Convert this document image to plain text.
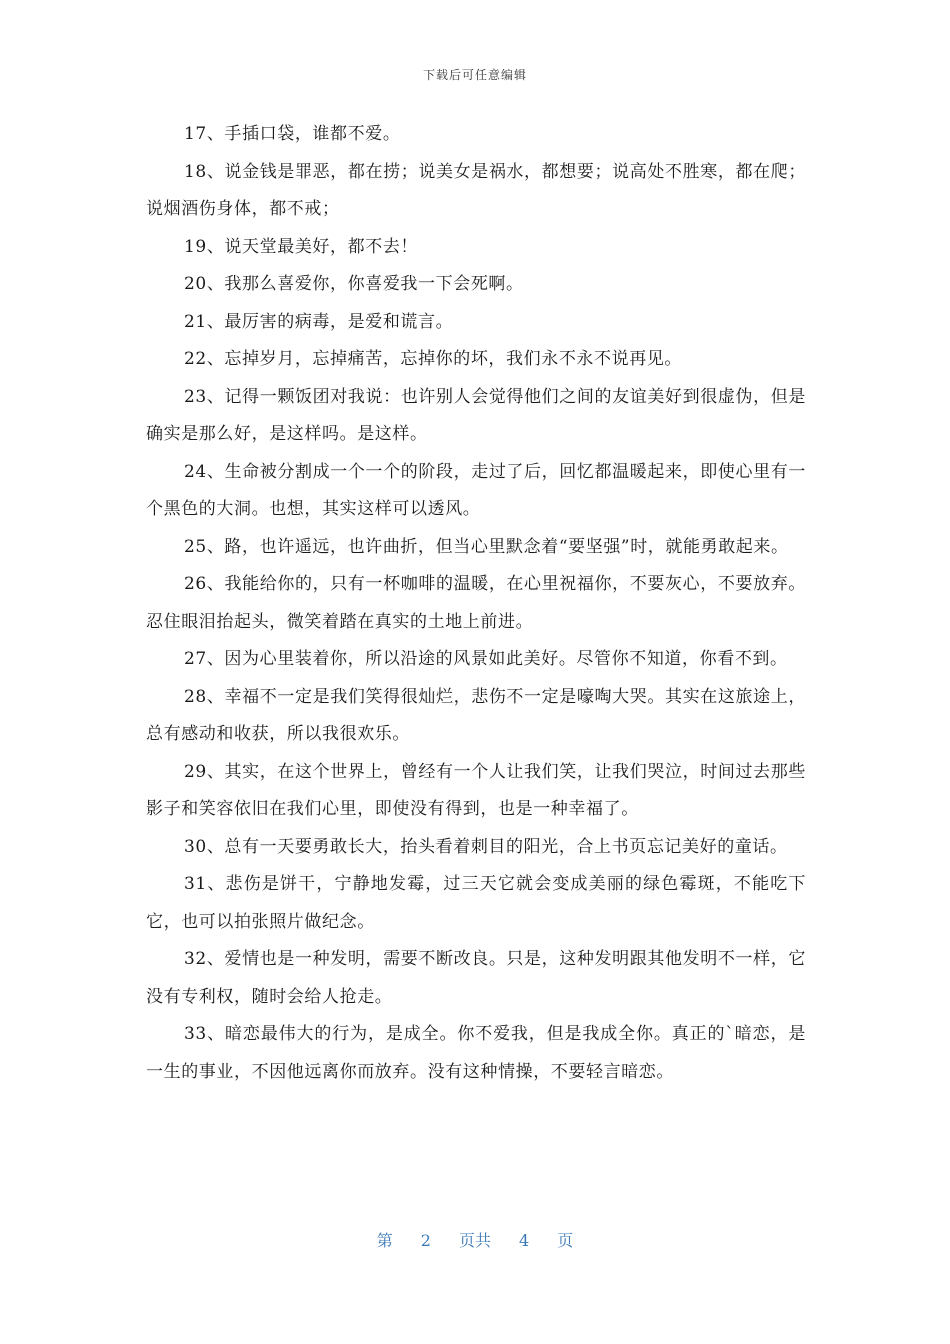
下载后可任意编辑

17、手插口袋，谁都不爱。

18、说金钱是罪恶，都在捞；说美女是祸水，都想要；说高处不胜寒，都在爬；说烟酒伤身体，都不戒；

19、说天堂最美好，都不去！

20、我那么喜爱你，你喜爱我一下会死啊。

21、最厉害的病毒，是爱和谎言。

22、忘掉岁月，忘掉痛苦，忘掉你的坏，我们永不永不说再见。

23、记得一颗饭团对我说：也许别人会觉得他们之间的友谊美好到很虚伪，但是确实是那么好，是这样吗。是这样。

24、生命被分割成一个一个的阶段，走过了后，回忆都温暖起来，即使心里有一个黑色的大洞。也想，其实这样可以透风。

25、路，也许遥远，也许曲折，但当心里默念着“要坚强”时，就能勇敢起来。

26、我能给你的，只有一杯咖啡的温暖，在心里祝福你，不要灰心，不要放弃。忍住眼泪抬起头，微笑着踏在真实的土地上前进。

27、因为心里装着你，所以沿途的风景如此美好。尽管你不知道，你看不到。

28、幸福不一定是我们笑得很灿烂，悲伤不一定是嚎啕大哭。其实在这旅途上，总有感动和收获，所以我很欢乐。

29、其实，在这个世界上，曾经有一个人让我们笑，让我们哭泣，时间过去那些影子和笑容依旧在我们心里，即使没有得到，也是一种幸福了。

30、总有一天要勇敢长大，抬头看着刺目的阳光，合上书页忘记美好的童话。

31、悲伤是饼干，宁静地发霉，过三天它就会变成美丽的绿色霉斑，不能吃下它，也可以拍张照片做纪念。

32、爱情也是一种发明，需要不断改良。只是，这种发明跟其他发明不一样，它没有专利权，随时会给人抢走。

33、暗恋最伟大的行为，是成全。你不爱我，但是我成全你。真正的`暗恋，是一生的事业，不因他远离你而放弃。没有这种情操，不要轻言暗恋。

第 2 页共 4 页
